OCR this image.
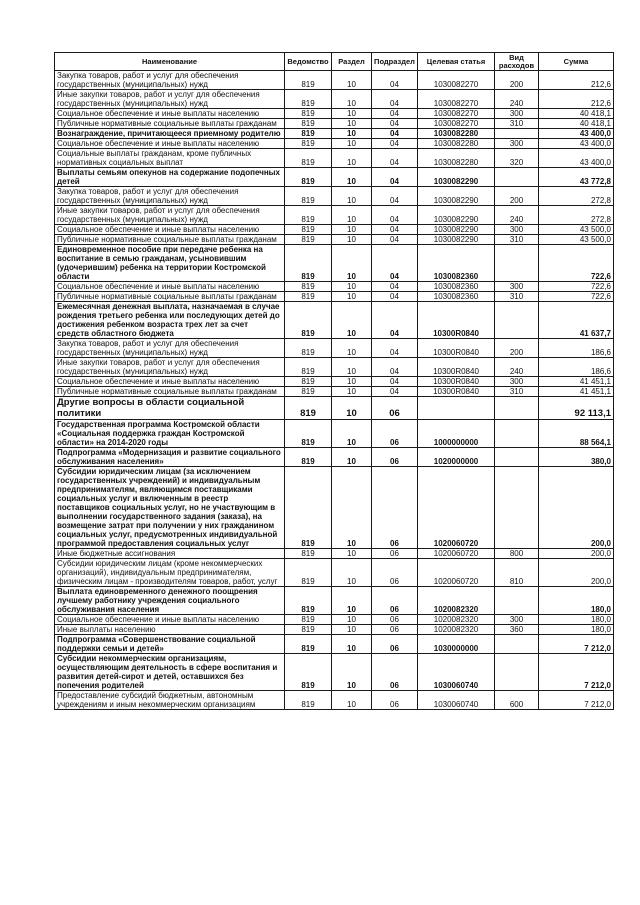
Наименование	Ведомство	Раздел	Подраздел	Целевая статья	Вид расходов	Сумма
Закупка товаров, работ и услуг для обеспечения государственных (муниципальных) нужд	819	10	04	1030082270	200	212,6
Иные закупки товаров, работ и услуг для обеспечения государственных (муниципальных) нужд	819	10	04	1030082270	240	212,6
Социальное обеспечение и иные выплаты населению	819	10	04	1030082270	300	40 418,1
Публичные нормативные социальные выплаты гражданам	819	10	04	1030082270	310	40 418,1
Вознаграждение, причитающееся приемному родителю	819	10	04	1030082280		43 400,0
Социальное обеспечение и иные выплаты населению	819	10	04	1030082280	300	43 400,0
Социальные выплаты гражданам, кроме публичных нормативных социальных выплат	819	10	04	1030082280	320	43 400,0
Выплаты семьям опекунов на содержание подопечных детей	819	10	04	1030082290		43 772,8
Закупка товаров, работ и услуг для обеспечения государственных (муниципальных) нужд	819	10	04	1030082290	200	272,8
Иные закупки товаров, работ и услуг для обеспечения государственных (муниципальных) нужд	819	10	04	1030082290	240	272,8
Социальное обеспечение и иные выплаты населению	819	10	04	1030082290	300	43 500,0
Публичные нормативные социальные выплаты гражданам	819	10	04	1030082290	310	43 500,0
Единовременное пособие при передаче ребенка на воспитание в семью гражданам, усыновившим (удочерившим) ребенка на территории Костромской области	819	10	04	1030082360		722,6
Социальное обеспечение и иные выплаты населению	819	10	04	1030082360	300	722,6
Публичные нормативные социальные выплаты гражданам	819	10	04	1030082360	310	722,6
Ежемесячная денежная выплата, назначаемая в случае рождения третьего ребенка или последующих детей до достижения ребенком возраста трех лет за счет средств областного бюджета	819	10	04	10300R0840		41 637,7
Закупка товаров, работ и услуг для обеспечения государственных (муниципальных) нужд	819	10	04	10300R0840	200	186,6
Иные закупки товаров, работ и услуг для обеспечения государственных (муниципальных) нужд	819	10	04	10300R0840	240	186,6
Социальное обеспечение и иные выплаты населению	819	10	04	10300R0840	300	41 451,1
Публичные нормативные социальные выплаты гражданам	819	10	04	10300R0840	310	41 451,1
Другие вопросы в области социальной политики	819	10	06			92 113,1
Государственная программа Костромской области «Социальная поддержка граждан Костромской области» на 2014-2020 годы	819	10	06	1000000000		88 564,1
Подпрограмма «Модернизация и развитие социального обслуживания населения»	819	10	06	1020000000		380,0
Субсидии юридическим лицам (за исключением государственных учреждений) и индивидуальным предпринимателям, являющимся поставщиками социальных услуг и включенным в реестр поставщиков социальных услуг, но не участвующим в выполнении государственного задания (заказа), на возмещение затрат при получении у них гражданином социальных услуг, предусмотренных индивидуальной программой предоставления социальных услуг	819	10	06	1020060720		200,0
Иные бюджетные ассигнования	819	10	06	1020060720	800	200,0
Субсидии юридическим лицам (кроме некоммерческих организаций), индивидуальным предпринимателям, физическим лицам - производителям товаров, работ, услуг	819	10	06	1020060720	810	200,0
Выплата единовременного денежного поощрения лучшему работнику учреждения социального обслуживания населения	819	10	06	1020082320		180,0
Социальное обеспечение и иные выплаты населению	819	10	06	1020082320	300	180,0
Иные выплаты населению	819	10	06	1020082320	360	180,0
Подпрограмма «Совершенствование социальной поддержки семьи и детей»	819	10	06	1030000000		7 212,0
Субсидии некоммерческим организациям, осуществляющим деятельность в сфере воспитания и развития детей-сирот и детей, оставшихся без попечения родителей	819	10	06	1030060740		7 212,0
Предоставление субсидий бюджетным, автономным учреждениям и иным некоммерческим организациям	819	10	06	1030060740	600	7 212,0
